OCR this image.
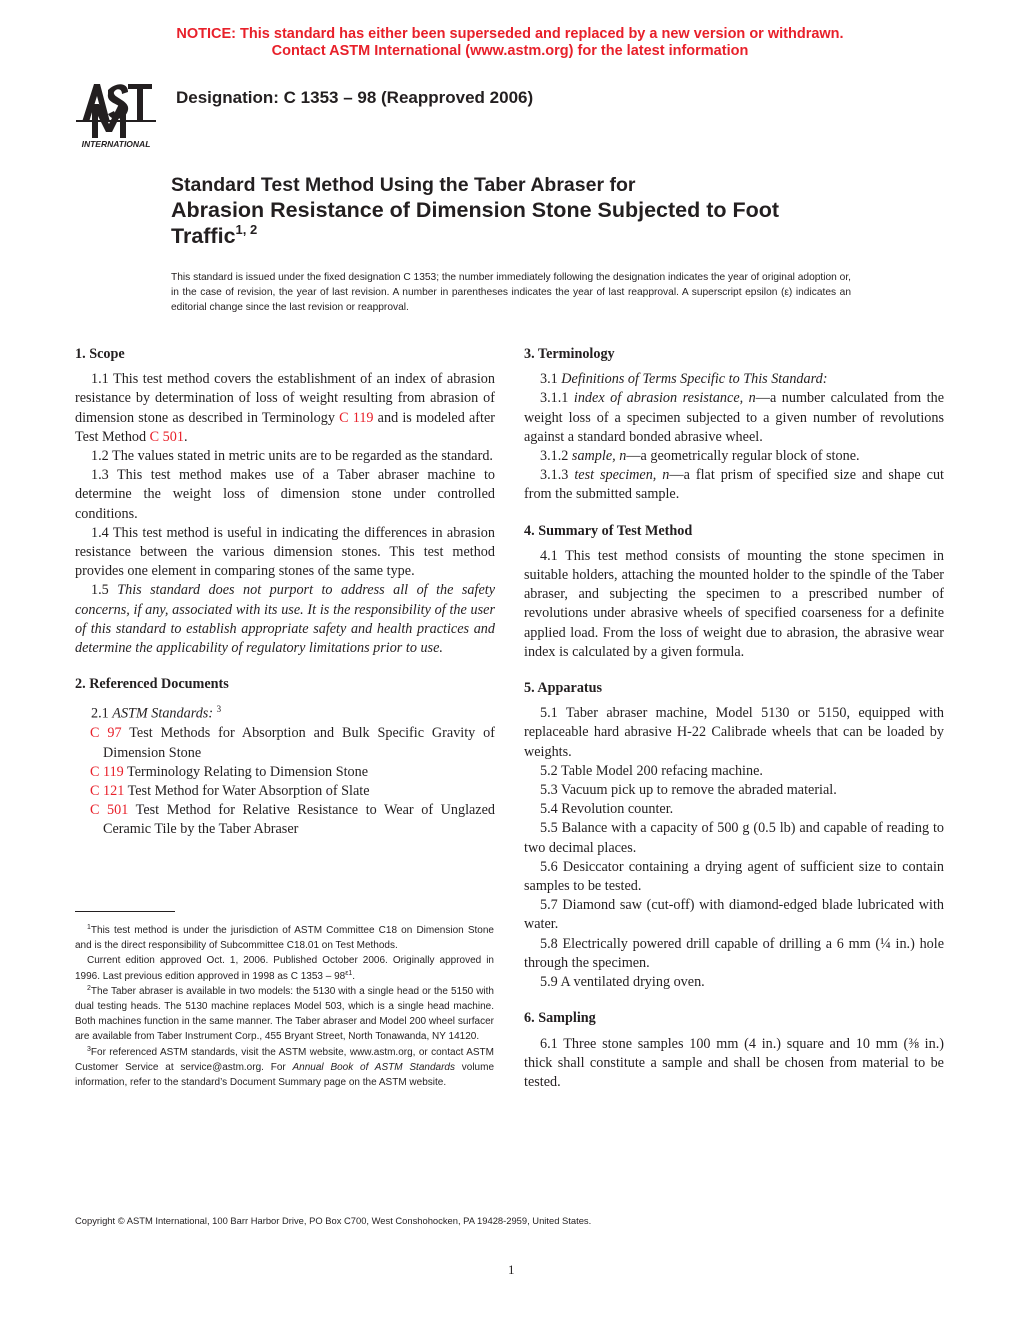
NOTICE: This standard has either been superseded and replaced by a new version or withdrawn.
Contact ASTM International (www.astm.org) for the latest information
INTERNATIONAL
Designation: C 1353 – 98 (Reapproved 2006)
Standard Test Method Using the Taber Abraser for
Abrasion Resistance of Dimension Stone Subjected to Foot
Traffic$^{1, 2}$
This standard is issued under the fixed designation C 1353; the number immediately following the designation indicates the year of original adoption or, in the case of revision, the year of last revision. A number in parentheses indicates the year of last reapproval. A superscript epsilon (ε) indicates an editorial change since the last revision or reapproval.
1. Scope

1.1 This test method covers the establishment of an index of abrasion resistance by determination of loss of weight resulting from abrasion of dimension stone as described in Terminology C 119 and is modeled after Test Method C 501.

1.2 The values stated in metric units are to be regarded as the standard.

1.3 This test method makes use of a Taber abraser machine to determine the weight loss of dimension stone under controlled conditions.

1.4 This test method is useful in indicating the differences in abrasion resistance between the various dimension stones. This test method provides one element in comparing stones of the same type.

1.5 This standard does not purport to address all of the safety concerns, if any, associated with its use. It is the responsibility of the user of this standard to establish appropriate safety and health practices and determine the applicability of regulatory limitations prior to use.

2. Referenced Documents

2.1 ASTM Standards: $^3$

C 97 Test Methods for Absorption and Bulk Specific Gravity of Dimension Stone

C 119 Terminology Relating to Dimension Stone

C 121 Test Method for Water Absorption of Slate

C 501 Test Method for Relative Resistance to Wear of Unglazed Ceramic Tile by the Taber Abraser

$^1$This test method is under the jurisdiction of ASTM Committee C18 on Dimension Stone and is the direct responsibility of Subcommittee C18.01 on Test Methods.

Current edition approved Oct. 1, 2006. Published October 2006. Originally approved in 1996. Last previous edition approved in 1998 as C $1353 - 98^{\varepsilon 1}$.

$^2$The Taber abraser is available in two models: the 5130 with a single head or the 5150 with dual testing heads. The 5130 machine replaces Model 503, which is a single head machine. Both machines function in the same manner. The Taber abraser and Model 200 wheel surfacer are available from Taber Instrument Corp., 455 Bryant Street, North Tonawanda, NY 14120.

$^3$For referenced ASTM standards, visit the ASTM website, www.astm.org, or contact ASTM Customer Service at service@astm.org. For Annual Book of ASTM Standards volume information, refer to the standard’s Document Summary page on the ASTM website.

3. Terminology

3.1 Definitions of Terms Specific to This Standard:

3.1.1 index of abrasion resistance, n—a number calculated from the weight loss of a specimen subjected to a given number of revolutions against a standard bonded abrasive wheel.

3.1.2 sample, n—a geometrically regular block of stone.

3.1.3 test specimen, n—a flat prism of specified size and shape cut from the submitted sample.

4. Summary of Test Method

4.1 This test method consists of mounting the stone specimen in suitable holders, attaching the mounted holder to the spindle of the Taber abraser, and subjecting the specimen to a prescribed number of revolutions under abrasive wheels of specified coarseness for a definite applied load. From the loss of weight due to abrasion, the abrasive wear index is calculated by a given formula.

5. Apparatus

5.1 Taber abraser machine, Model 5130 or 5150, equipped with replaceable hard abrasive H-22 Calibrade wheels that can be loaded by weights.

5.2 Table Model 200 refacing machine.

5.3 Vacuum pick up to remove the abraded material.

5.4 Revolution counter.

5.5 Balance with a capacity of 500 g (0.5 lb) and capable of reading to two decimal places.

5.6 Desiccator containing a drying agent of sufficient size to contain samples to be tested.

5.7 Diamond saw (cut-off) with diamond-edged blade lubricated with water.

5.8 Electrically powered drill capable of drilling a 6 mm (¼ in.) hole through the specimen.

5.9 A ventilated drying oven.

6. Sampling

6.1 Three stone samples 100 mm (4 in.) square and 10 mm (⅜ in.) thick shall constitute a sample and shall be chosen from material to be tested.

Copyright © ASTM International, 100 Barr Harbor Drive, PO Box C700, West Conshohocken, PA 19428-2959, United States.
1
